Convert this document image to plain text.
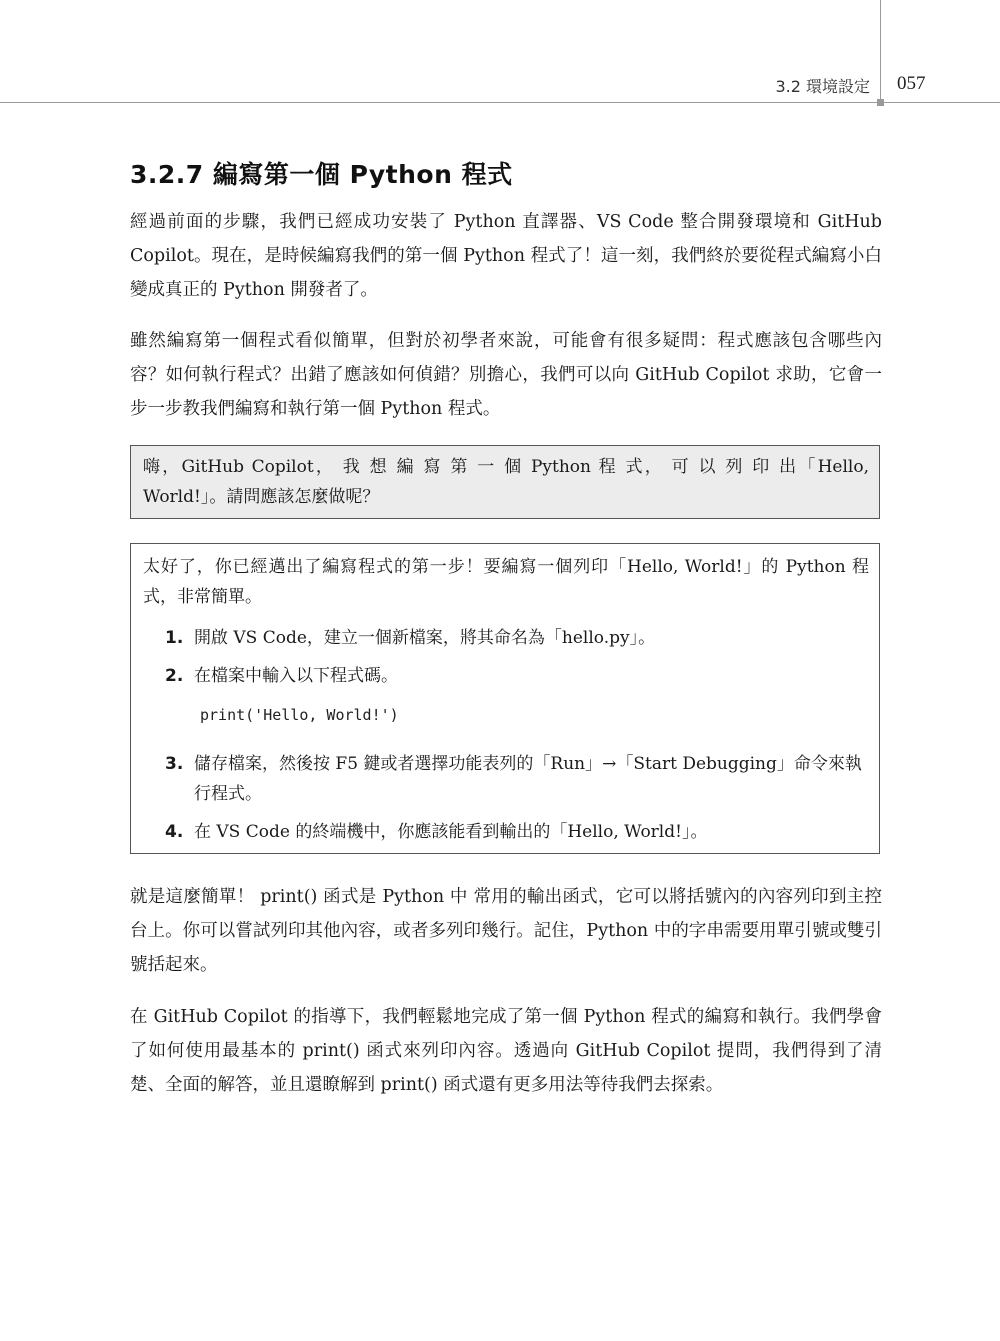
3.2 環境設定 057
3.2.7 編寫第一個 Python 程式

經過前面的步驟，我們已經成功安裝了 Python 直譯器、VS Code 整合開發環境和 GitHub Copilot。現在，是時候編寫我們的第一個 Python 程式了！這一刻，我們終於要從程式編寫小白變成真正的 Python 開發者了。

雖然編寫第一個程式看似簡單，但對於初學者來說，可能會有很多疑問：程式應該包含哪些內容？如何執行程式？出錯了應該如何偵錯？別擔心，我們可以向 GitHub Copilot 求助，它會一步一步教我們編寫和執行第一個 Python 程式。

嗨，GitHub Copilot， 我 想 編 寫 第 一 個 Python 程 式， 可 以 列 印 出「Hello, World!」。請問應該怎麼做呢？

太好了，你已經邁出了編寫程式的第一步！要編寫一個列印「Hello, World!」的 Python 程式，非常簡單。

1. 開啟 VS Code，建立一個新檔案，將其命名為「hello.py」。
2. 在檔案中輸入以下程式碼。
print('Hello, World!')
3. 儲存檔案，然後按 F5 鍵或者選擇功能表列的「Run」→「Start Debugging」命令來執行程式。
4. 在 VS Code 的終端機中，你應該能看到輸出的「Hello, World!」。

就是這麼簡單！ print() 函式是 Python 中 常用的輸出函式，它可以將括號內的內容列印到主控台上。你可以嘗試列印其他內容，或者多列印幾行。記住，Python 中的字串需要用單引號或雙引號括起來。

在 GitHub Copilot 的指導下，我們輕鬆地完成了第一個 Python 程式的編寫和執行。我們學會了如何使用最基本的 print() 函式來列印內容。透過向 GitHub Copilot 提問，我們得到了清楚、全面的解答，並且還瞭解到 print() 函式還有更多用法等待我們去探索。
